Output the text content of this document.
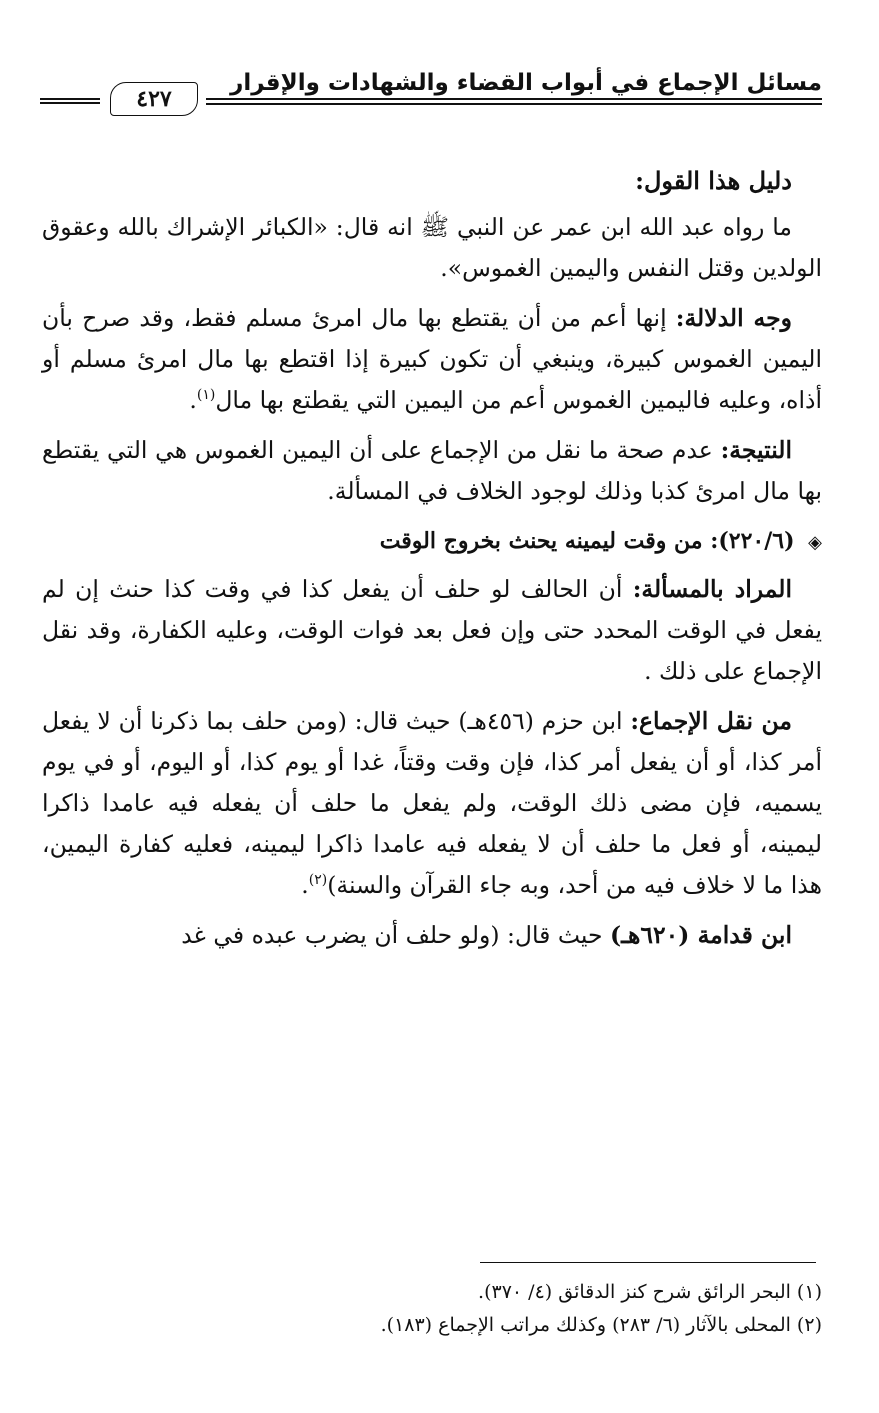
٤٢٧
مسائل الإجماع في أبواب القضاء والشهادات والإقرار
دليل هذا القول:

ما رواه عبد الله ابن عمر عن النبي ﷺ انه قال: «الكبائر الإشراك بالله وعقوق الولدين وقتل النفس واليمين الغموس».

وجه الدلالة: إنها أعم من أن يقتطع بها مال امرئ مسلم فقط، وقد صرح بأن اليمين الغموس كبيرة، وينبغي أن تكون كبيرة إذا اقتطع بها مال امرئ مسلم أو أذاه، وعليه فاليمين الغموس أعم من اليمين التي يقطتع بها مال$^{(١)}$.

النتيجة: عدم صحة ما نقل من الإجماع على أن اليمين الغموس هي التي يقتطع بها مال امرئ كذبا وذلك لوجود الخلاف في المسألة.

◈ (٢٢٠/٦): من وقت ليمينه يحنث بخروج الوقت

المراد بالمسألة: أن الحالف لو حلف أن يفعل كذا في وقت كذا حنث إن لم يفعل في الوقت المحدد حتى وإن فعل بعد فوات الوقت، وعليه الكفارة، وقد نقل الإجماع على ذلك .

من نقل الإجماع: ابن حزم (٤٥٦هـ) حيث قال: (ومن حلف بما ذكرنا أن لا يفعل أمر كذا، أو أن يفعل أمر كذا، فإن وقت وقتاً، غدا أو يوم كذا، أو اليوم، أو في يوم يسميه، فإن مضى ذلك الوقت، ولم يفعل ما حلف أن يفعله فيه عامدا ذاكرا ليمينه، أو فعل ما حلف أن لا يفعله فيه عامدا ذاكرا ليمينه، فعليه كفارة اليمين، هذا ما لا خلاف فيه من أحد، وبه جاء القرآن والسنة)$^{(٢)}$.

ابن قدامة (٦٢٠هـ) حيث قال: (ولو حلف أن يضرب عبده في غد

(١) البحر الرائق شرح كنز الدقائق (٤/ ٣٧٠).
(٢) المحلى بالآثار (٦/ ٢٨٣) وكذلك مراتب الإجماع (١٨٣).
